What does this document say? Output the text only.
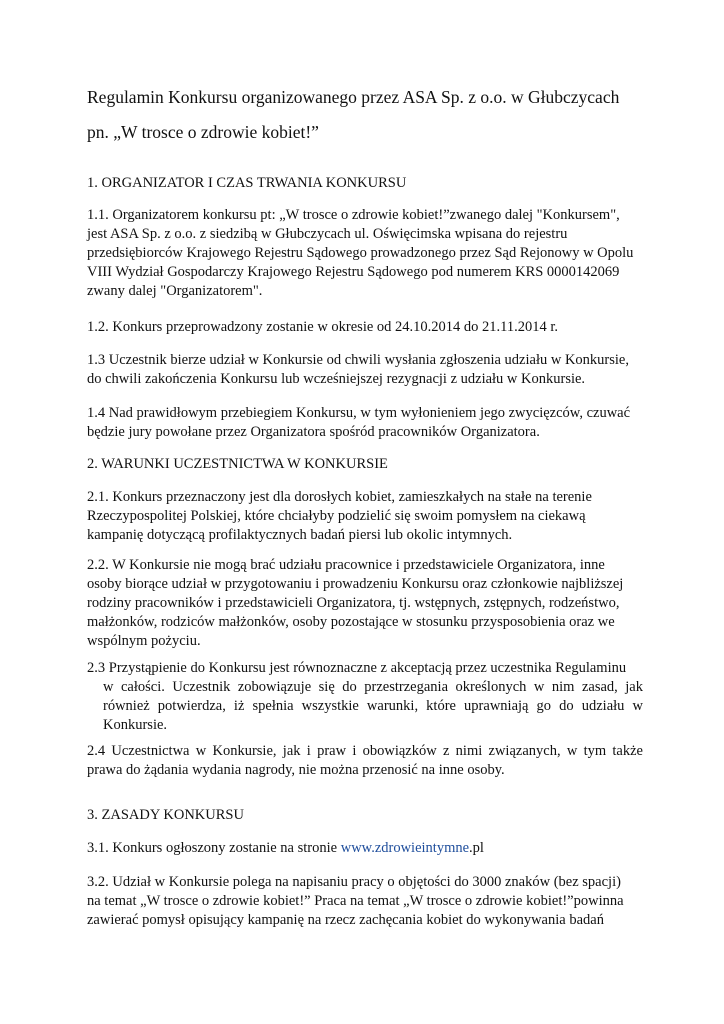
Regulamin Konkursu organizowanego przez ASA Sp. z o.o. w Głubczycach
pn. „W trosce o zdrowie kobiet!”
1. ORGANIZATOR I CZAS TRWANIA KONKURSU
1.1. Organizatorem konkursu pt: „W trosce o zdrowie kobiet!”zwanego dalej "Konkursem",
jest ASA Sp. z o.o. z siedzibą w Głubczycach ul. Oświęcimska wpisana do rejestru
przedsiębiorców Krajowego Rejestru Sądowego prowadzonego przez Sąd Rejonowy w Opolu
VIII Wydział Gospodarczy Krajowego Rejestru Sądowego pod numerem KRS 0000142069
zwany dalej "Organizatorem".
1.2. Konkurs przeprowadzony zostanie w okresie od 24.10.2014 do 21.11.2014 r.
1.3 Uczestnik bierze udział w Konkursie od chwili wysłania zgłoszenia udziału w Konkursie,
do chwili zakończenia Konkursu lub wcześniejszej rezygnacji z udziału w Konkursie.
1.4 Nad prawidłowym przebiegiem Konkursu, w tym wyłonieniem jego zwycięzców, czuwać
będzie jury powołane przez Organizatora spośród pracowników Organizatora.
2. WARUNKI UCZESTNICTWA W KONKURSIE
2.1. Konkurs przeznaczony jest dla dorosłych kobiet, zamieszkałych na stałe na terenie
Rzeczypospolitej Polskiej, które chciałyby podzielić się swoim pomysłem na ciekawą
kampanię dotyczącą profilaktycznych badań piersi lub okolic intymnych.
2.2. W Konkursie nie mogą brać udziału pracownice i przedstawiciele Organizatora, inne
osoby biorące udział w przygotowaniu i prowadzeniu Konkursu oraz członkowie najbliższej
rodziny pracowników i przedstawicieli Organizatora, tj. wstępnych, zstępnych, rodzeństwo,
małżonków, rodziców małżonków, osoby pozostające w stosunku przysposobienia oraz we
wspólnym pożyciu.
2.3 Przystąpienie do Konkursu jest równoznaczne z akceptacją przez uczestnika Regulaminu
w całości. Uczestnik zobowiązuje się do przestrzegania określonych w nim zasad, jak
również potwierdza, iż spełnia wszystkie warunki, które uprawniają go do udziału w
Konkursie.
2.4 Uczestnictwa w Konkursie, jak i praw i obowiązków z nimi związanych, w tym także
prawa do żądania wydania nagrody, nie można przenosić na inne osoby.
3. ZASADY KONKURSU
3.1. Konkurs ogłoszony zostanie na stronie www.zdrowieintymne.pl
3.2. Udział w Konkursie polega na napisaniu pracy o objętości do 3000 znaków (bez spacji)
na temat „W trosce o zdrowie kobiet!” Praca na temat „W trosce o zdrowie kobiet!”powinna
zawierać pomysł opisujący kampanię na rzecz zachęcania kobiet do wykonywania badań
